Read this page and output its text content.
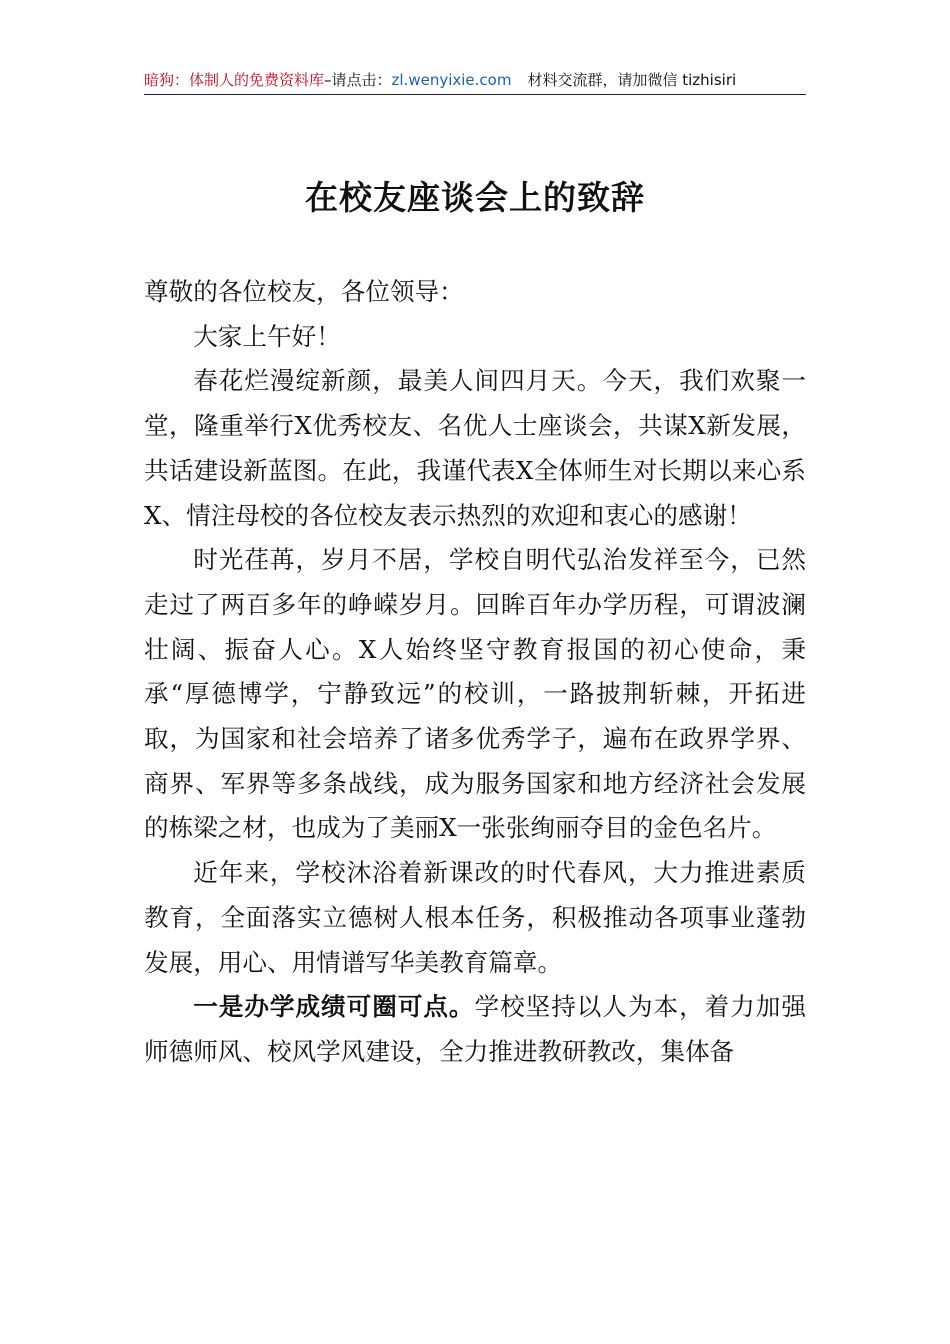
暗狗：体制人的免费资料库–请点击：zl.wenyixie.com 材料交流群，请加微信 tizhisiri
在校友座谈会上的致辞

尊敬的各位校友，各位领导：

大家上午好！

春花烂漫绽新颜，最美人间四月天。今天，我们欢聚一堂，隆重举行X优秀校友、名优人士座谈会，共谋X新发展，共话建设新蓝图。在此，我谨代表X全体师生对长期以来心系X、情注母校的各位校友表示热烈的欢迎和衷心的感谢！

时光荏苒，岁月不居，学校自明代弘治发祥至今，已然走过了两百多年的峥嵘岁月。回眸百年办学历程，可谓波澜壮阔、振奋人心。X人始终坚守教育报国的初心使命，秉承“厚德博学，宁静致远”的校训，一路披荆斩棘，开拓进取，为国家和社会培养了诸多优秀学子，遍布在政界学界、商界、军界等多条战线，成为服务国家和地方经济社会发展的栋梁之材，也成为了美丽X一张张绚丽夺目的金色名片。

近年来，学校沐浴着新课改的时代春风，大力推进素质教育，全面落实立德树人根本任务，积极推动各项事业蓬勃发展，用心、用情谱写华美教育篇章。

一是办学成绩可圈可点。学校坚持以人为本，着力加强师德师风、校风学风建设，全力推进教研教改，集体备
